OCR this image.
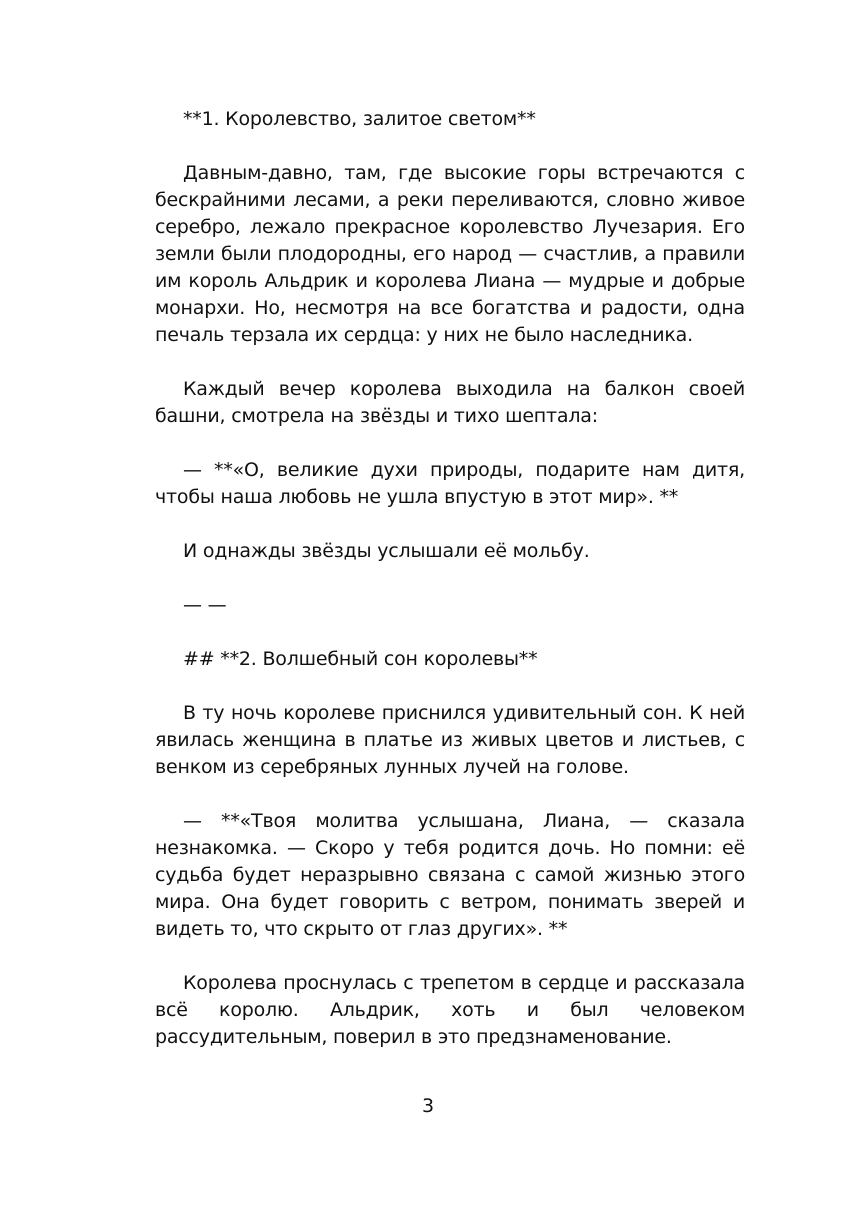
**1. Королевство, залитое светом**

Давным-давно, там, где высокие горы встречаются с бескрайними лесами, а реки переливаются, словно живое серебро, лежало прекрасное королевство Лучезария. Его земли были плодородны, его народ — счастлив, а правили им король Альдрик и королева Лиана — мудрые и добрые монархи. Но, несмотря на все богатства и радости, одна печаль терзала их сердца: у них не было наследника.

Каждый вечер королева выходила на балкон своей башни, смотрела на звёзды и тихо шептала:

— **«О, великие духи природы, подарите нам дитя, чтобы наша любовь не ушла впустую в этот мир». **

И однажды звёзды услышали её мольбу.

— —

## **2. Волшебный сон королевы**

В ту ночь королеве приснился удивительный сон. К ней явилась женщина в платье из живых цветов и листьев, с венком из серебряных лунных лучей на голове.

— **«Твоя молитва услышана, Лиана, — сказала незнакомка. — Скоро у тебя родится дочь. Но помни: её судьба будет неразрывно связана с самой жизнью этого мира. Она будет говорить с ветром, понимать зверей и видеть то, что скрыто от глаз других». **

Королева проснулась с трепетом в сердце и рассказала всё королю. Альдрик, хоть и был человеком рассудительным, поверил в это предзнаменование.

3
